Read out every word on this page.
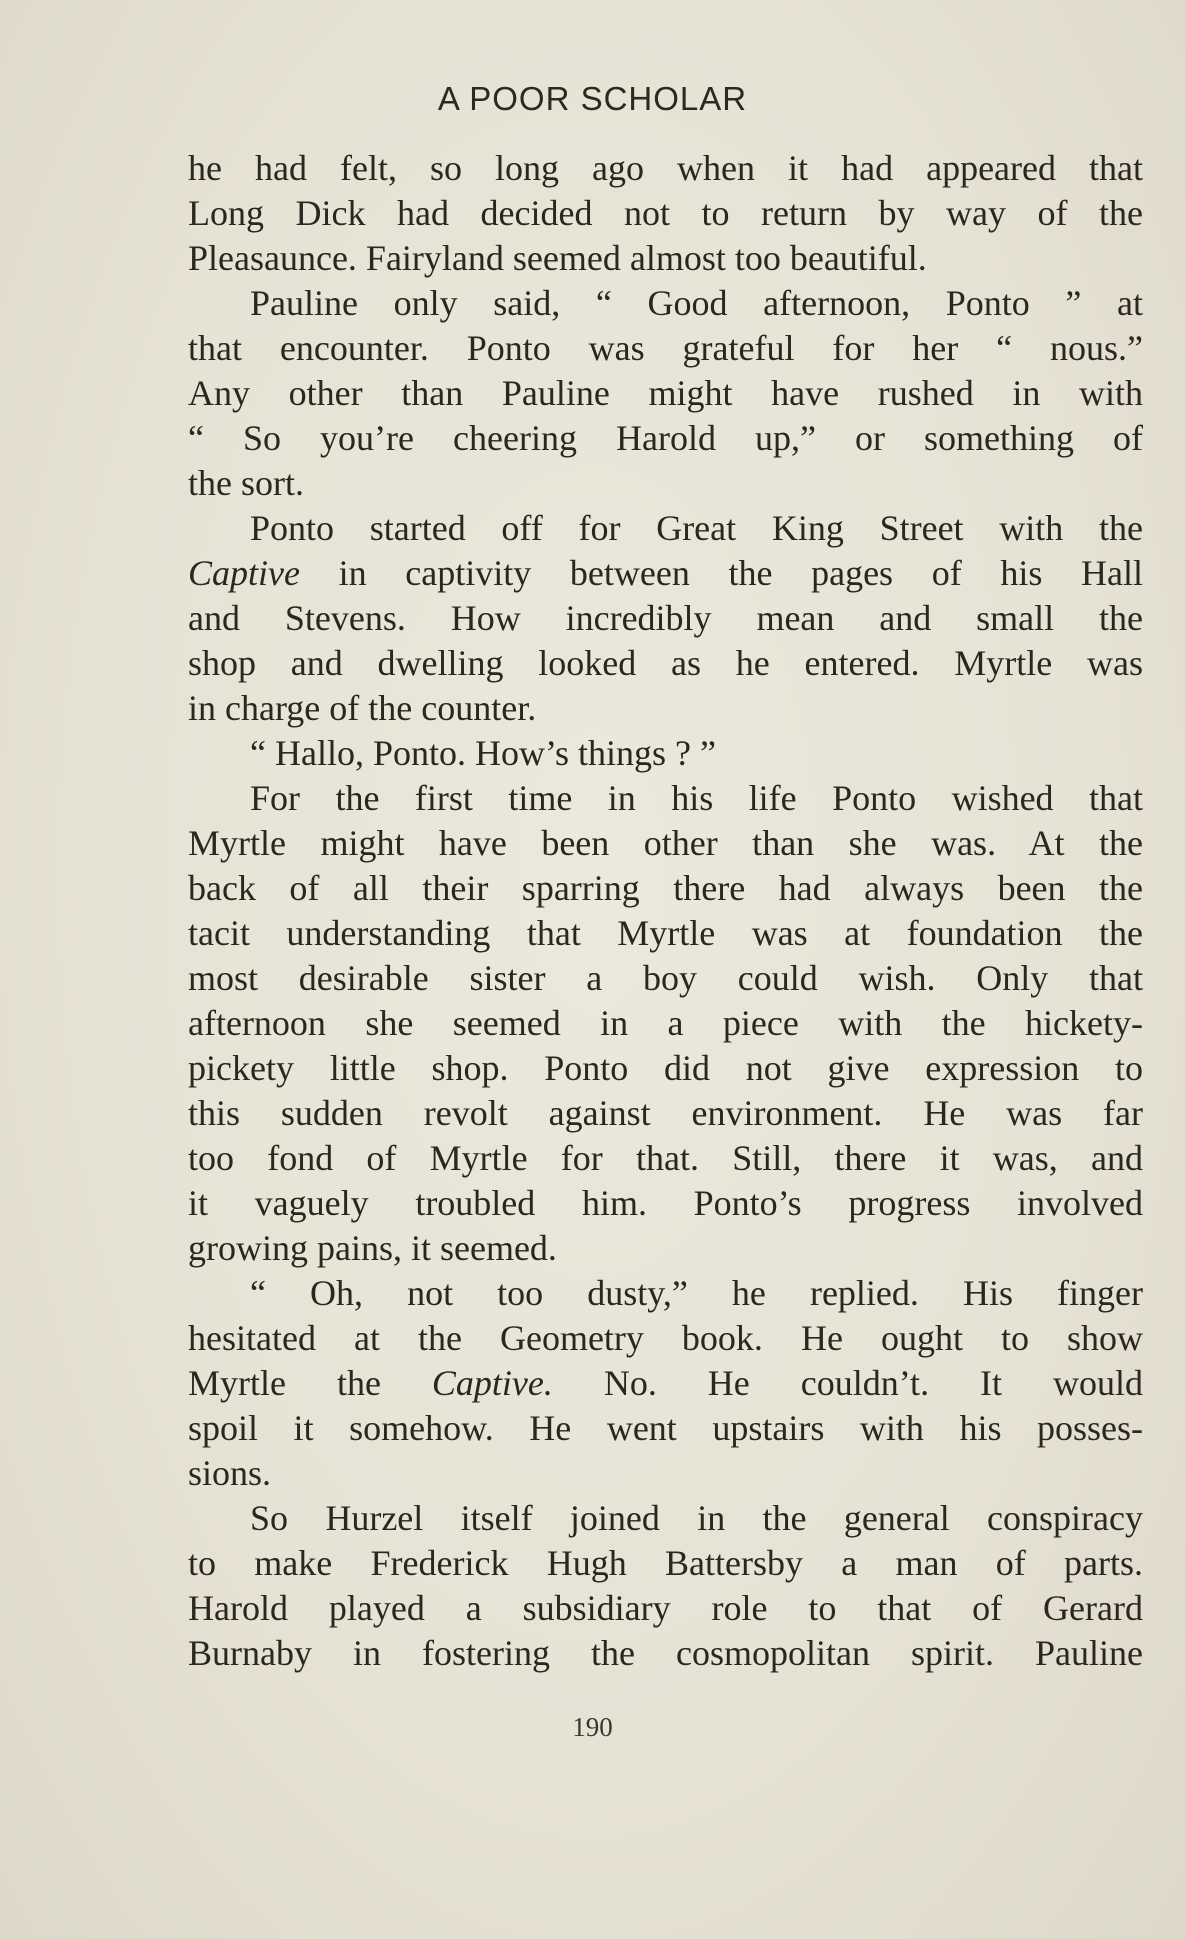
A POOR SCHOLAR
he had felt, so long ago when it had appeared that
Long Dick had decided not to return by way of the
Pleasaunce. Fairyland seemed almost too beautiful.
Pauline only said, “ Good afternoon, Ponto ” at
that encounter. Ponto was grateful for her “ nous.”
Any other than Pauline might have rushed in with
“ So you’re cheering Harold up,” or something of
the sort.
Ponto started off for Great King Street with the
Captive in captivity between the pages of his Hall
and Stevens. How incredibly mean and small the
shop and dwelling looked as he entered. Myrtle was
in charge of the counter.
“ Hallo, Ponto. How’s things ? ”
For the first time in his life Ponto wished that
Myrtle might have been other than she was. At the
back of all their sparring there had always been the
tacit understanding that Myrtle was at foundation the
most desirable sister a boy could wish. Only that
afternoon she seemed in a piece with the hickety-
pickety little shop. Ponto did not give expression to
this sudden revolt against environment. He was far
too fond of Myrtle for that. Still, there it was, and
it vaguely troubled him. Ponto’s progress involved
growing pains, it seemed.
“ Oh, not too dusty,” he replied. His finger
hesitated at the Geometry book. He ought to show
Myrtle the Captive. No. He couldn’t. It would
spoil it somehow. He went upstairs with his posses-
sions.
So Hurzel itself joined in the general conspiracy
to make Frederick Hugh Battersby a man of parts.
Harold played a subsidiary role to that of Gerard
Burnaby in fostering the cosmopolitan spirit. Pauline
190
